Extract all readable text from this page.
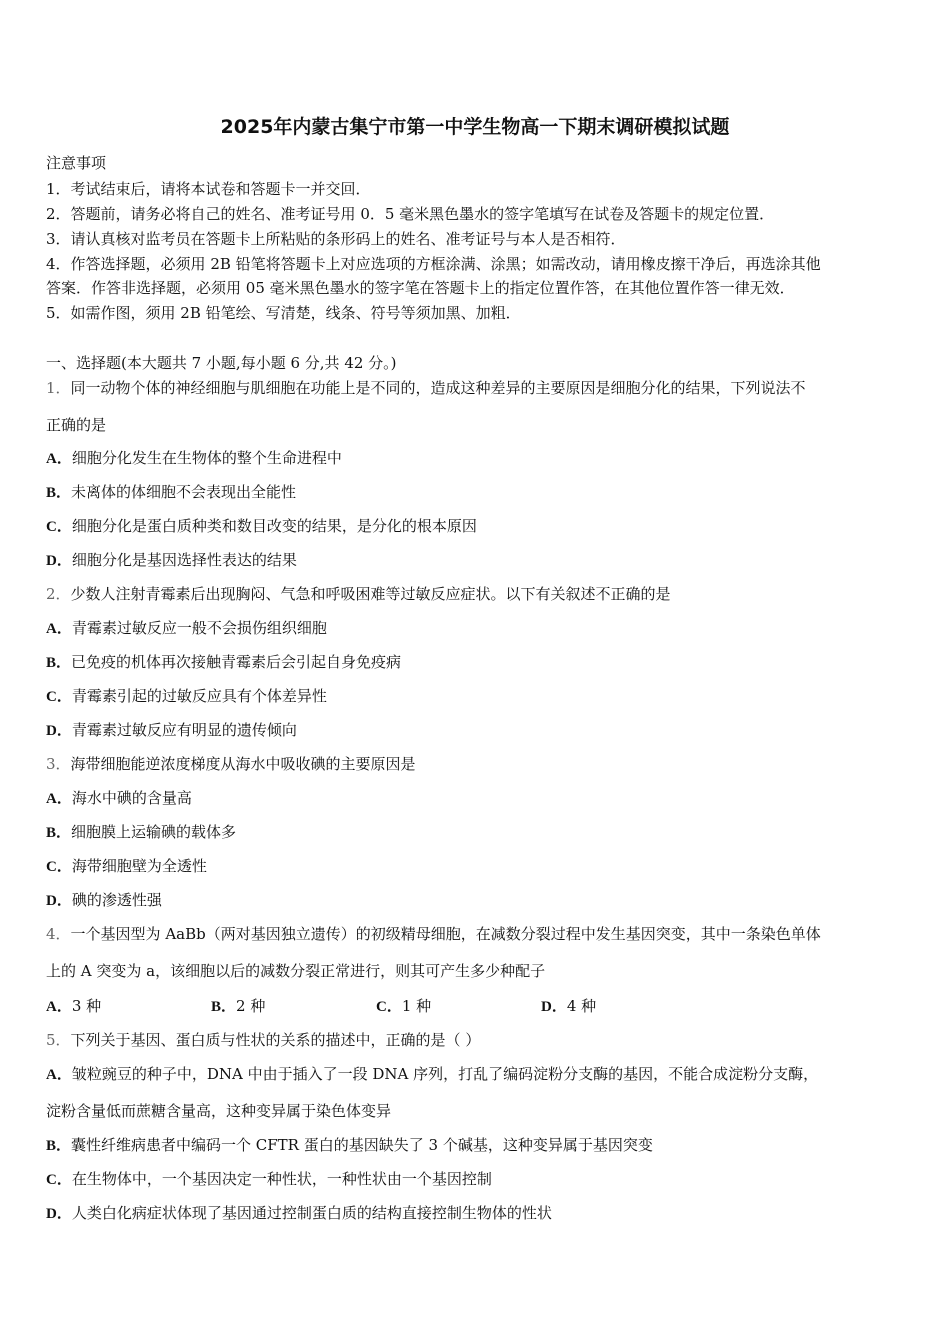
2025年内蒙古集宁市第一中学生物高一下期末调研模拟试题
注意事项
1．考试结束后，请将本试卷和答题卡一并交回．
2．答题前，请务必将自己的姓名、准考证号用 0．5 毫米黑色墨水的签字笔填写在试卷及答题卡的规定位置．
3．请认真核对监考员在答题卡上所粘贴的条形码上的姓名、准考证号与本人是否相符．
4．作答选择题，必须用 2B 铅笔将答题卡上对应选项的方框涂满、涂黑；如需改动，请用橡皮擦干净后，再选涂其他
答案．作答非选择题，必须用 05 毫米黑色墨水的签字笔在答题卡上的指定位置作答，在其他位置作答一律无效．
5．如需作图，须用 2B 铅笔绘、写清楚，线条、符号等须加黑、加粗．
一、选择题(本大题共 7 小题,每小题 6 分,共 42 分。)
1．同一动物个体的神经细胞与肌细胞在功能上是不同的，造成这种差异的主要原因是细胞分化的结果，下列说法不
正确的是
A．细胞分化发生在生物体的整个生命进程中
B．未离体的体细胞不会表现出全能性
C．细胞分化是蛋白质种类和数目改变的结果，是分化的根本原因
D．细胞分化是基因选择性表达的结果
2．少数人注射青霉素后出现胸闷、气急和呼吸困难等过敏反应症状。以下有关叙述不正确的是
A．青霉素过敏反应一般不会损伤组织细胞
B．已免疫的机体再次接触青霉素后会引起自身免疫病
C．青霉素引起的过敏反应具有个体差异性
D．青霉素过敏反应有明显的遗传倾向
3．海带细胞能逆浓度梯度从海水中吸收碘的主要原因是
A．海水中碘的含量高
B．细胞膜上运输碘的载体多
C．海带细胞壁为全透性
D．碘的渗透性强
4．一个基因型为 AaBb（两对基因独立遗传）的初级精母细胞，在减数分裂过程中发生基因突变，其中一条染色单体
上的 A 突变为 a，该细胞以后的减数分裂正常进行，则其可产生多少种配子
A．3 种	B．2 种	C．1 种	D．4 种
5．下列关于基因、蛋白质与性状的关系的描述中，正确的是（ ）
A．皱粒豌豆的种子中，DNA 中由于插入了一段 DNA 序列，打乱了编码淀粉分支酶的基因，不能合成淀粉分支酶，
淀粉含量低而蔗糖含量高，这种变异属于染色体变异
B．囊性纤维病患者中编码一个 CFTR 蛋白的基因缺失了 3 个碱基，这种变异属于基因突变
C．在生物体中，一个基因决定一种性状，一种性状由一个基因控制
D．人类白化病症状体现了基因通过控制蛋白质的结构直接控制生物体的性状
